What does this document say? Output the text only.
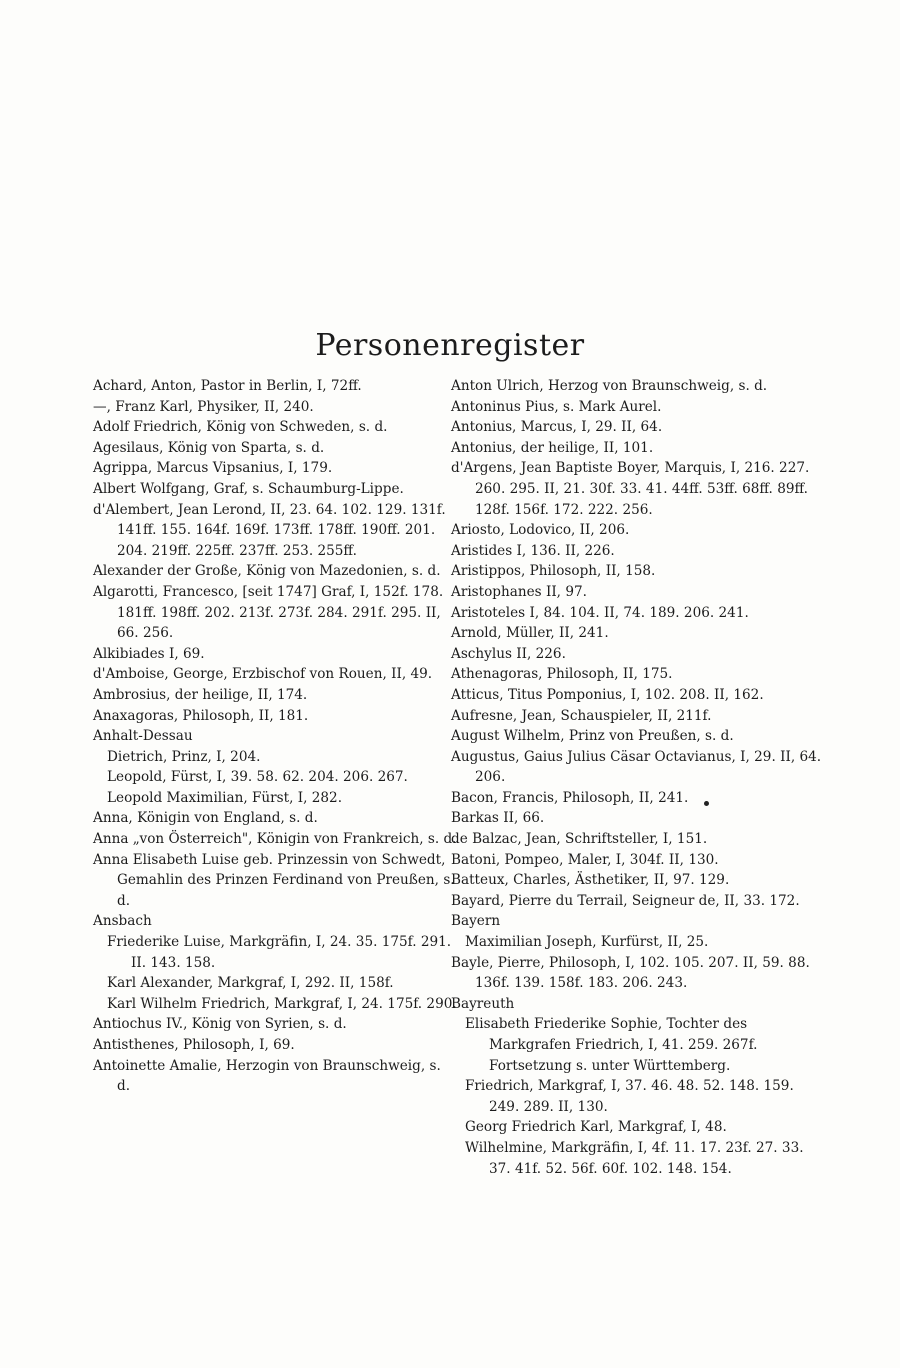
Personenregister

Achard, Anton, Pastor in Berlin, I, 72ff.

—, Franz Karl, Physiker, II, 240.

Adolf Friedrich, König von Schweden, s. d.

Agesilaus, König von Sparta, s. d.

Agrippa, Marcus Vipsanius, I, 179.

Albert Wolfgang, Graf, s. Schaumburg-Lippe.

d'Alembert, Jean Lerond, II, 23. 64. 102. 129. 131f. 141ff. 155. 164f. 169f. 173ff. 178ff. 190ff. 201. 204. 219ff. 225ff. 237ff. 253. 255ff.

Alexander der Große, König von Mazedonien, s. d.

Algarotti, Francesco, [seit 1747] Graf, I, 152f. 178. 181ff. 198ff. 202. 213f. 273f. 284. 291f. 295. II, 66. 256.

Alkibiades I, 69.

d'Amboise, George, Erzbischof von Rouen, II, 49.

Ambrosius, der heilige, II, 174.

Anaxagoras, Philosoph, II, 181.

Anhalt-Dessau

Dietrich, Prinz, I, 204.

Leopold, Fürst, I, 39. 58. 62. 204. 206. 267.

Leopold Maximilian, Fürst, I, 282.

Anna, Königin von England, s. d.

Anna „von Österreich", Königin von Frankreich, s. d.

Anna Elisabeth Luise geb. Prinzessin von Schwedt, Gemahlin des Prinzen Ferdinand von Preußen, s. d.

Ansbach

Friederike Luise, Markgräfin, I, 24. 35. 175f. 291. II. 143. 158.

Karl Alexander, Markgraf, I, 292. II, 158f.

Karl Wilhelm Friedrich, Markgraf, I, 24. 175f. 290.

Antiochus IV., König von Syrien, s. d.

Antisthenes, Philosoph, I, 69.

Antoinette Amalie, Herzogin von Braunschweig, s. d.

Anton Ulrich, Herzog von Braunschweig, s. d.

Antoninus Pius, s. Mark Aurel.

Antonius, Marcus, I, 29. II, 64.

Antonius, der heilige, II, 101.

d'Argens, Jean Baptiste Boyer, Marquis, I, 216. 227. 260. 295. II, 21. 30f. 33. 41. 44ff. 53ff. 68ff. 89ff. 128f. 156f. 172. 222. 256.

Ariosto, Lodovico, II, 206.

Aristides I, 136. II, 226.

Aristippos, Philosoph, II, 158.

Aristophanes II, 97.

Aristoteles I, 84. 104. II, 74. 189. 206. 241.

Arnold, Müller, II, 241.

Aschylus II, 226.

Athenagoras, Philosoph, II, 175.

Atticus, Titus Pomponius, I, 102. 208. II, 162.

Aufresne, Jean, Schauspieler, II, 211f.

August Wilhelm, Prinz von Preußen, s. d.

Augustus, Gaius Julius Cäsar Octavianus, I, 29. II, 64. 206.

Bacon, Francis, Philosoph, II, 241.

Barkas II, 66.

de Balzac, Jean, Schriftsteller, I, 151.

Batoni, Pompeo, Maler, I, 304f. II, 130.

Batteux, Charles, Ästhetiker, II, 97. 129.

Bayard, Pierre du Terrail, Seigneur de, II, 33. 172.

Bayern

Maximilian Joseph, Kurfürst, II, 25.

Bayle, Pierre, Philosoph, I, 102. 105. 207. II, 59. 88. 136f. 139. 158f. 183. 206. 243.

Bayreuth

Elisabeth Friederike Sophie, Tochter des Markgrafen Friedrich, I, 41. 259. 267f. Fortsetzung s. unter Württemberg.

Friedrich, Markgraf, I, 37. 46. 48. 52. 148. 159. 249. 289. II, 130.

Georg Friedrich Karl, Markgraf, I, 48.

Wilhelmine, Markgräfin, I, 4f. 11. 17. 23f. 27. 33. 37. 41f. 52. 56f. 60f. 102. 148. 154.
